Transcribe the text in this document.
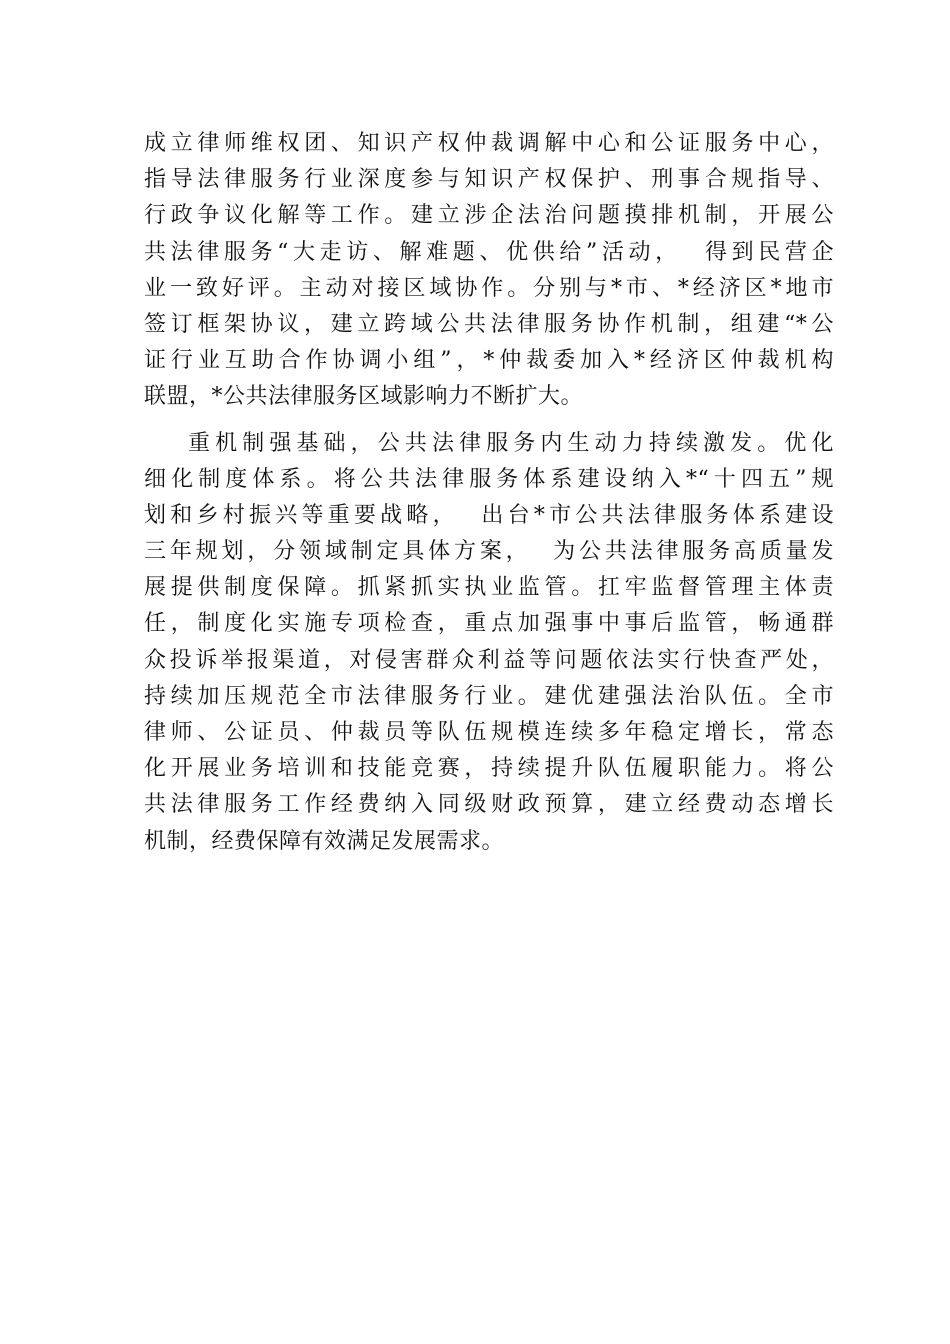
成立律师维权团、知识产权仲裁调解中心和公证服务中心，
指导法律服务行业深度参与知识产权保护、刑事合规指导、
行政争议化解等工作。建立涉企法治问题摸排机制，开展公
共法律服务“大走访、解难题、优供给”活动，  得到民营企
业一致好评。主动对接区域协作。分别与*市、*经济区*地市
签订框架协议，建立跨域公共法律服务协作机制，组建“*公
证行业互助合作协调小组”，*仲裁委加入*经济区仲裁机构
联盟，*公共法律服务区域影响力不断扩大。
重机制强基础，公共法律服务内生动力持续激发。优化
细化制度体系。将公共法律服务体系建设纳入*“十四五”规
划和乡村振兴等重要战略，  出台*市公共法律服务体系建设
三年规划，分领域制定具体方案，  为公共法律服务高质量发
展提供制度保障。抓紧抓实执业监管。扛牢监督管理主体责
任，制度化实施专项检查，重点加强事中事后监管，畅通群
众投诉举报渠道，对侵害群众利益等问题依法实行快查严处，
持续加压规范全市法律服务行业。建优建强法治队伍。全市
律师、公证员、仲裁员等队伍规模连续多年稳定增长，常态
化开展业务培训和技能竞赛，持续提升队伍履职能力。将公
共法律服务工作经费纳入同级财政预算，建立经费动态增长
机制，经费保障有效满足发展需求。
